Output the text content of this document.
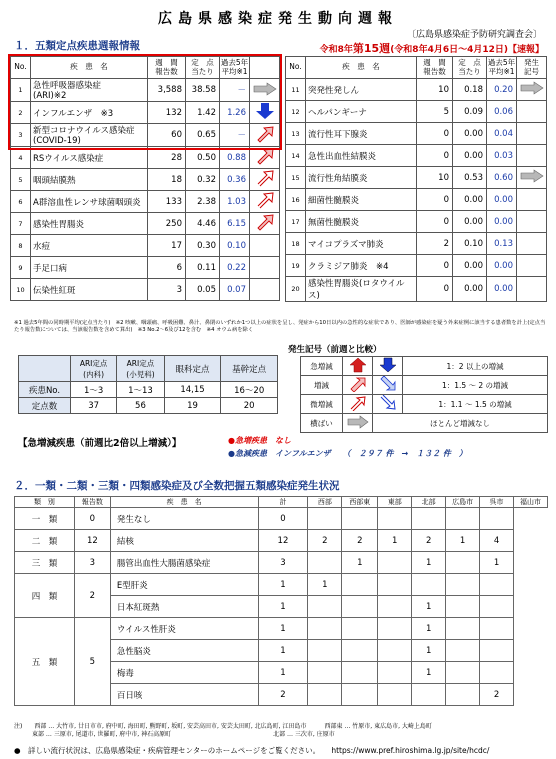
広島県感染症発生動向週報
〔広島県感染症予防研究調査会〕
１．五類定点疾患週報情報	令和8年第15週(令和8年4月6日～4月12日)【速報】
No.	疾　患　名	週　間
報告数	定　点
当たり	過去5年
平均※1	
1	急性呼吸器感染症
(ARI)※2	3,588	38.58	－	
2	インフルエンザ　※3	132	1.42	1.26	
3	新型コロナウイルス感染症
(COVID-19)	60	0.65	－	
4	RSウイルス感染症	28	0.50	0.88	
5	咽頭結膜熱	18	0.32	0.36	
6	A群溶血性レンサ球菌咽頭炎	133	2.38	1.03	
7	感染性胃腸炎	250	4.46	6.15	
8	水痘	17	0.30	0.10	
9	手足口病	6	0.11	0.22	
10	伝染性紅斑	3	0.05	0.07	
No.	疾　患　名	週　間
報告数	定　点
当たり	過去5年
平均※1	発生
記号
11	突発性発しん	10	0.18	0.20	
12	ヘルパンギーナ	5	0.09	0.06	
13	流行性耳下腺炎	0	0.00	0.04	
14	急性出血性結膜炎	0	0.00	0.03	
15	流行性角結膜炎	10	0.53	0.60	
16	細菌性髄膜炎	0	0.00	0.00	
17	無菌性髄膜炎	0	0.00	0.00	
18	マイコプラズマ肺炎	2	0.10	0.13	
19	クラミジア肺炎　※4	0	0.00	0.00	
20	感染性胃腸炎(ロタウイルス)	0	0.00	0.00	
※1 過去5年間の同時期平均(定点当たり)　※2 咳嗽、咽頭痛、呼吸困難、鼻汁、鼻閉のいずれか1つ以上の症状を呈し、発症から10日以内の急性的な症状であり、医師が感染症を疑う外来症例に該当する患者数を計上(定点当たり報告数については、当該報告数を含めて算出)　※3 No.2～6及び12を含む　※4 オウム病を除く
	ARI定点
(内科)	ARI定点
(小児科)	眼科定点	基幹定点
疾患No.	1～3	1～13	14,15	16～20
定点数	37	56	19	20
発生記号（前週と比較）
急増減			1：2 以上の増減
増減			1：1.5 ～ 2 の増減
微増減			1：1.1 ～ 1.5 の増減
横ばい		ほとんど増減なし	
【急増減疾患（前週比2倍以上増減）】	●急増疾患　 なし
●急減疾患　 インフルエンザ　　（　２９７ 件　→　１３２ 件　）
２．一類・二類・三類・四類感染症及び全数把握五類感染症発生状況
類　別	報告数	疾　患　名	計	西部	西部東	東部	北部	広島市	呉市	福山市
一　類	0	発生なし	0							
二　類	12	結核	12	2	2	1	2	1	4	
三　類	3	腸管出血性大腸菌感染症	3		1		1		1	
四　類	2	E型肝炎	1	1						
		日本紅斑熱	1				1			
五　類	5	ウイルス性肝炎	1				1			
		急性脳炎	1				1			
		梅毒	1				1			
		百日咳	2						2	
注)　　西部 … 大竹市, 廿日市市, 府中町, 海田町, 熊野町, 坂町, 安芸高田市, 安芸太田町, 北広島町, 江田島市　　　西部東 … 竹原市, 東広島市, 大崎上島町
　　　東部 … 三原市, 尾道市, 世羅町, 府中市, 神石高原町　　　　　　　　　　　　　　　　　北部 … 三次市, 庄原市
●　詳しい流行状況は、広島県感染症・疾病管理センターのホームページをご覧ください。　　https://www.pref.hiroshima.lg.jp/site/hcdc/
